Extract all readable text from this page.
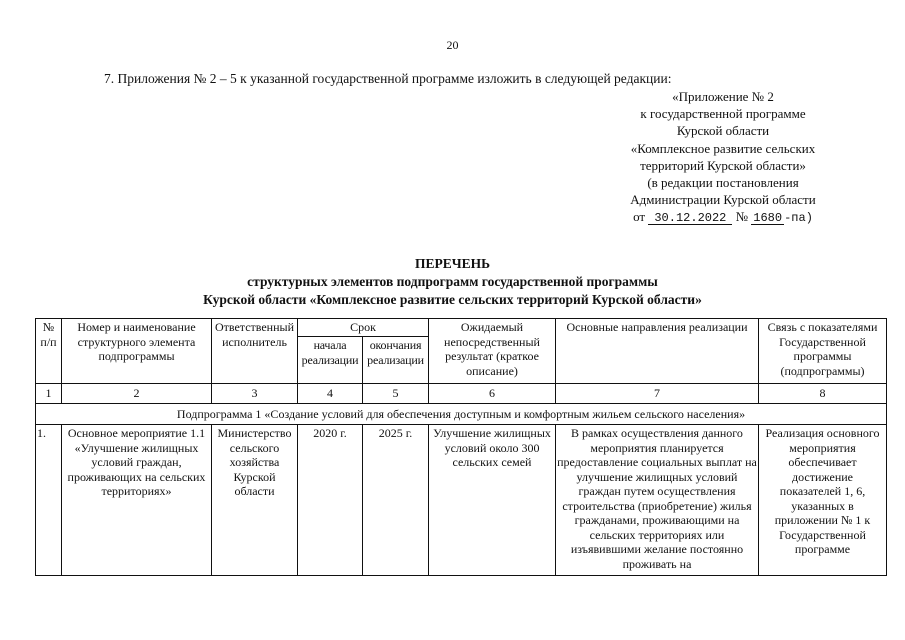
20
7. Приложения № 2 – 5 к указанной государственной программе изложить в следующей редакции:
«Приложение № 2
к государственной программе
Курской области
«Комплексное развитие сельских
территорий Курской области»
(в редакции постановления
Администрации Курской области
от 30.12.2022 № 1680 -па)
ПЕРЕЧЕНЬ
структурных элементов подпрограмм государственной программы
Курской области «Комплексное развитие сельских территорий Курской области»
№ п/п	Номер и наименование структурного элемента подпрограммы	Ответственный исполнитель	Срок		Ожидаемый непосредственный результат (краткое описание)	Основные направления реализации	Связь с показателями Государственной программы (подпрограммы)
			начала реализации	окончания реализации			
1	2	3	4	5	6	7	8
Подпрограмма 1 «Создание условий для обеспечения доступным и комфортным жильем сельского населения»							
1.	Основное мероприятие 1.1 «Улучшение жилищных условий граждан, проживающих на сельских территориях»	Министерство сельского хозяйства Курской области	2020 г.	2025 г.	Улучшение жилищных условий около 300 сельских семей	В рамках осуществления данного мероприятия планируется предоставление социальных выплат на улучшение жилищных условий граждан путем осуществления строительства (приобретение) жилья гражданами, проживающими на сельских территориях или изъявившими желание постоянно проживать на	Реализация основного мероприятия обеспечивает достижение показателей 1, 6, указанных в приложении № 1 к Государственной программе
